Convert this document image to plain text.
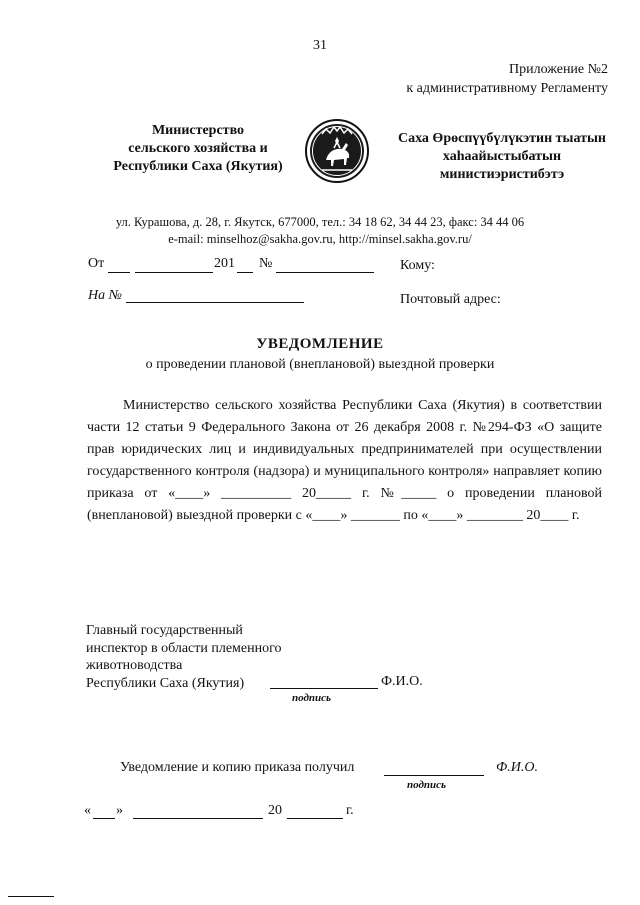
31
Приложение №2
к административному Регламенту
Министерство
сельского хозяйства и
Республики Саха (Якутия)
Саха Өрөспүүбүлүкэтин тыатын
хаhаайыстыбатын
министиэристибэтэ
ул. Курашова, д. 28, г. Якутск, 677000, тел.: 34 18 62, 34 44 23, факс: 34 44 06
e-mail: minselhoz@sakha.gov.ru, http://minsel.sakha.gov.ru/
От	201 №	Кому:
На №	Почтовый адрес:
УВЕДОМЛЕНИЕ
о проведении плановой (внеплановой) выездной проверки
Министерство сельского хозяйства Республики Саха (Якутия) в соответствии части 12 статьи 9 Федерального Закона от 26 декабря 2008 г. №294-ФЗ «О защите прав юридических лиц и индивидуальных предпринимателей при осуществлении государственного контроля (надзора) и муниципального контроля» направляет копию приказа от «____» __________ 20_____ г. №_____ о проведении плановой (внеплановой) выездной проверки с «____» _______ по «____» ________ 20____ г.
Главный государственный
инспектор в области племенного
животноводства
Республики Саха (Якутия)	Ф.И.О.
подпись
Уведомление и копию приказа получил	Ф.И.О.
подпись
« »	20	г.
